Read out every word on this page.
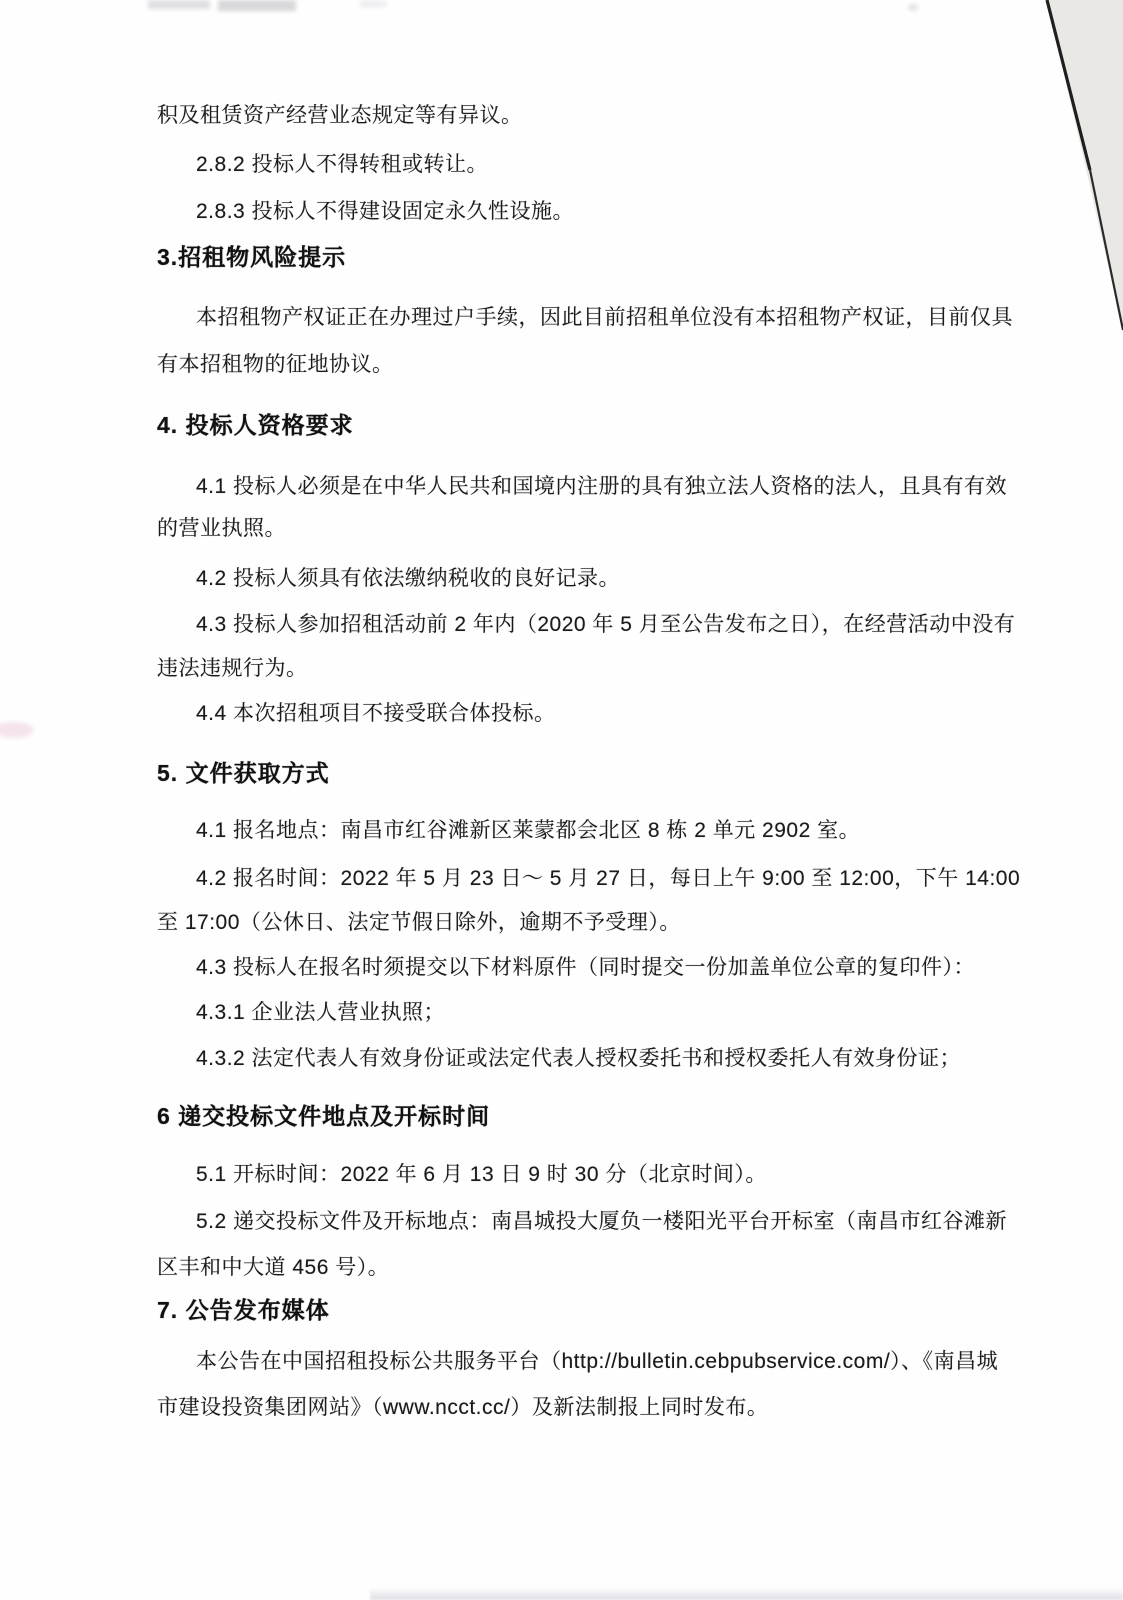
积及租赁资产经营业态规定等有异议。
2.8.2 投标人不得转租或转让。
2.8.3 投标人不得建设固定永久性设施。
3.招租物风险提示
本招租物产权证正在办理过户手续，因此目前招租单位没有本招租物产权证，目前仅具
有本招租物的征地协议。
4. 投标人资格要求
4.1 投标人必须是在中华人民共和国境内注册的具有独立法人资格的法人，且具有有效
的营业执照。
4.2 投标人须具有依法缴纳税收的良好记录。
4.3 投标人参加招租活动前 2 年内（2020 年 5 月至公告发布之日），在经营活动中没有
违法违规行为。
4.4 本次招租项目不接受联合体投标。
5. 文件获取方式
4.1 报名地点：南昌市红谷滩新区莱蒙都会北区 8 栋 2 单元 2902 室。
4.2 报名时间：2022 年 5 月 23 日～ 5 月 27 日，每日上午 9:00 至 12:00，下午 14:00
至 17:00（公休日、法定节假日除外，逾期不予受理）。
4.3 投标人在报名时须提交以下材料原件（同时提交一份加盖单位公章的复印件）：
4.3.1 企业法人营业执照；
4.3.2 法定代表人有效身份证或法定代表人授权委托书和授权委托人有效身份证；
6 递交投标文件地点及开标时间
5.1 开标时间：2022 年 6 月 13 日 9 时 30 分（北京时间）。
5.2 递交投标文件及开标地点：南昌城投大厦负一楼阳光平台开标室（南昌市红谷滩新
区丰和中大道 456 号）。
7. 公告发布媒体
本公告在中国招租投标公共服务平台（http://bulletin.cebpubservice.com/）、《南昌城
市建设投资集团网站》（www.ncct.cc/）及新法制报上同时发布。
